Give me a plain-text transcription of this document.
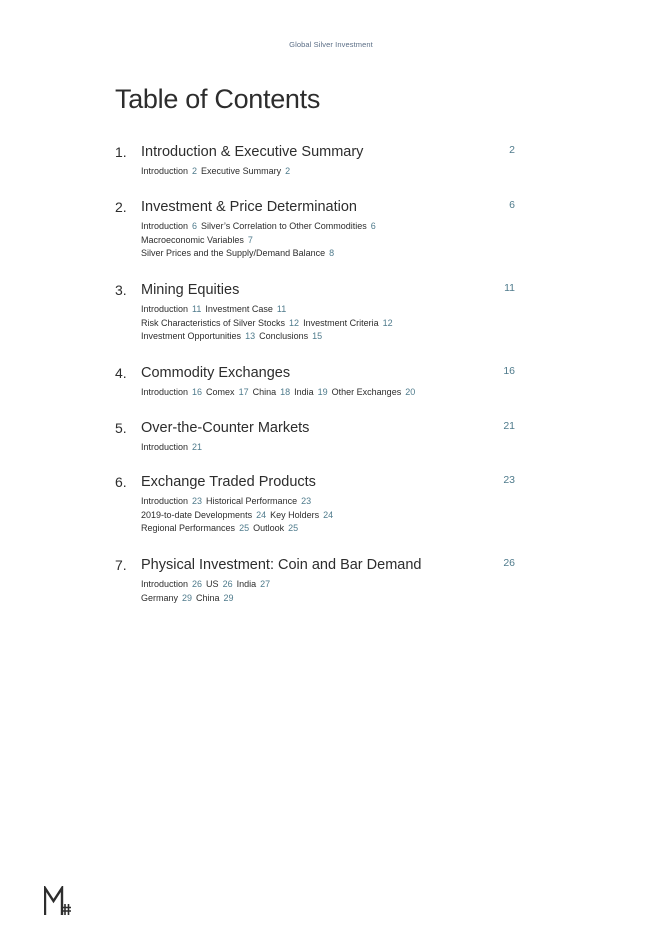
Global Silver Investment
Table of Contents
1. Introduction & Executive Summary	2
Introduction 2 Executive Summary 2
2. Investment & Price Determination	6
Introduction 6 Silver’s Correlation to Other Commodities 6
Macroeconomic Variables 7
Silver Prices and the Supply/Demand Balance 8
3. Mining Equities	11
Introduction 11 Investment Case 11
Risk Characteristics of Silver Stocks 12 Investment Criteria 12
Investment Opportunities 13 Conclusions 15
4. Commodity Exchanges	16
Introduction 16 Comex 17 China 18 India 19 Other Exchanges 20
5. Over-the-Counter Markets	21
Introduction 21
6. Exchange Traded Products	23
Introduction 23 Historical Performance 23
2019-to-date Developments 24 Key Holders 24
Regional Performances 25 Outlook 25
7. Physical Investment: Coin and Bar Demand	26
Introduction 26 US 26 India 27
Germany 29 China 29
